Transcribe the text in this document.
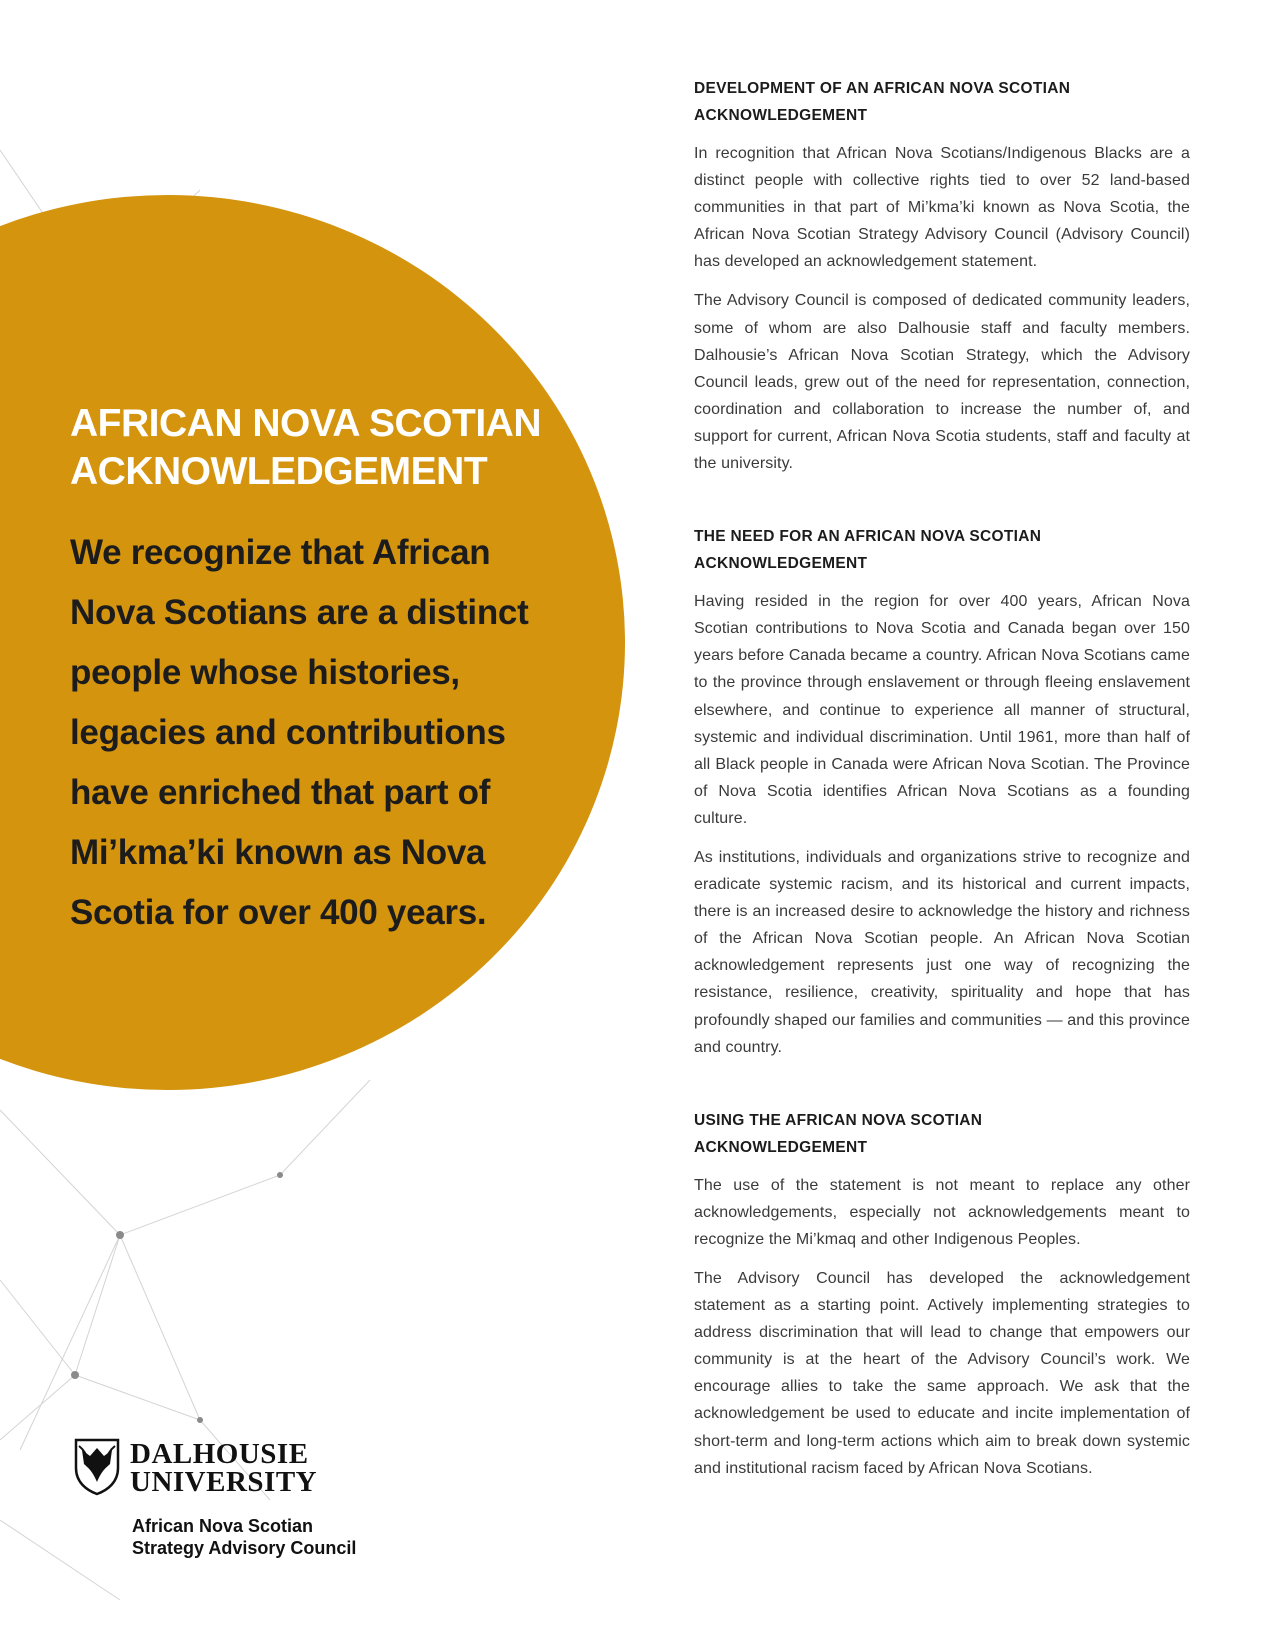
AFRICAN NOVA SCOTIAN
ACKNOWLEDGEMENT
We recognize that African
Nova Scotians are a distinct
people whose histories,
legacies and contributions
have enriched that part of
Mi’kma’ki known as Nova
Scotia for over 400 years.
DEVELOPMENT OF AN AFRICAN NOVA SCOTIAN
ACKNOWLEDGEMENT

In recognition that African Nova Scotians/Indigenous Blacks are a distinct people with collective rights tied to over 52 land-based communities in that part of Mi’kma’ki known as Nova Scotia, the African Nova Scotian Strategy Advisory Council (Advisory Council) has developed an acknowledgement statement.

The Advisory Council is composed of dedicated community leaders, some of whom are also Dalhousie staff and faculty members. Dalhousie’s African Nova Scotian Strategy, which the Advisory Council leads, grew out of the need for representation, connection, coordination and collaboration to increase the number of, and support for current, African Nova Scotia students, staff and faculty at the university.

THE NEED FOR AN AFRICAN NOVA SCOTIAN
ACKNOWLEDGEMENT

Having resided in the region for over 400 years, African Nova Scotian contributions to Nova Scotia and Canada began over 150 years before Canada became a country. African Nova Scotians came to the province through enslavement or through fleeing enslavement elsewhere, and continue to experience all manner of structural, systemic and individual discrimination. Until 1961, more than half of all Black people in Canada were African Nova Scotian. The Province of Nova Scotia identifies African Nova Scotians as a founding culture.

As institutions, individuals and organizations strive to recognize and eradicate systemic racism, and its historical and current impacts, there is an increased desire to acknowledge the history and richness of the African Nova Scotian people. An African Nova Scotian acknowledgement represents just one way of recognizing the resistance, resilience, creativity, spirituality and hope that has profoundly shaped our families and communities — and this province and country.

USING THE AFRICAN NOVA SCOTIAN
ACKNOWLEDGEMENT

The use of the statement is not meant to replace any other acknowledgements, especially not acknowledgements meant to recognize the Mi’kmaq and other Indigenous Peoples.

The Advisory Council has developed the acknowledgement statement as a starting point. Actively implementing strategies to address discrimination that will lead to change that empowers our community is at the heart of the Advisory Council’s work. We encourage allies to take the same approach. We ask that the acknowledgement be used to educate and incite implementation of short-term and long-term actions which aim to break down systemic and institutional racism faced by African Nova Scotians.

DALHOUSIE
UNIVERSITY
African Nova Scotian
Strategy Advisory Council
